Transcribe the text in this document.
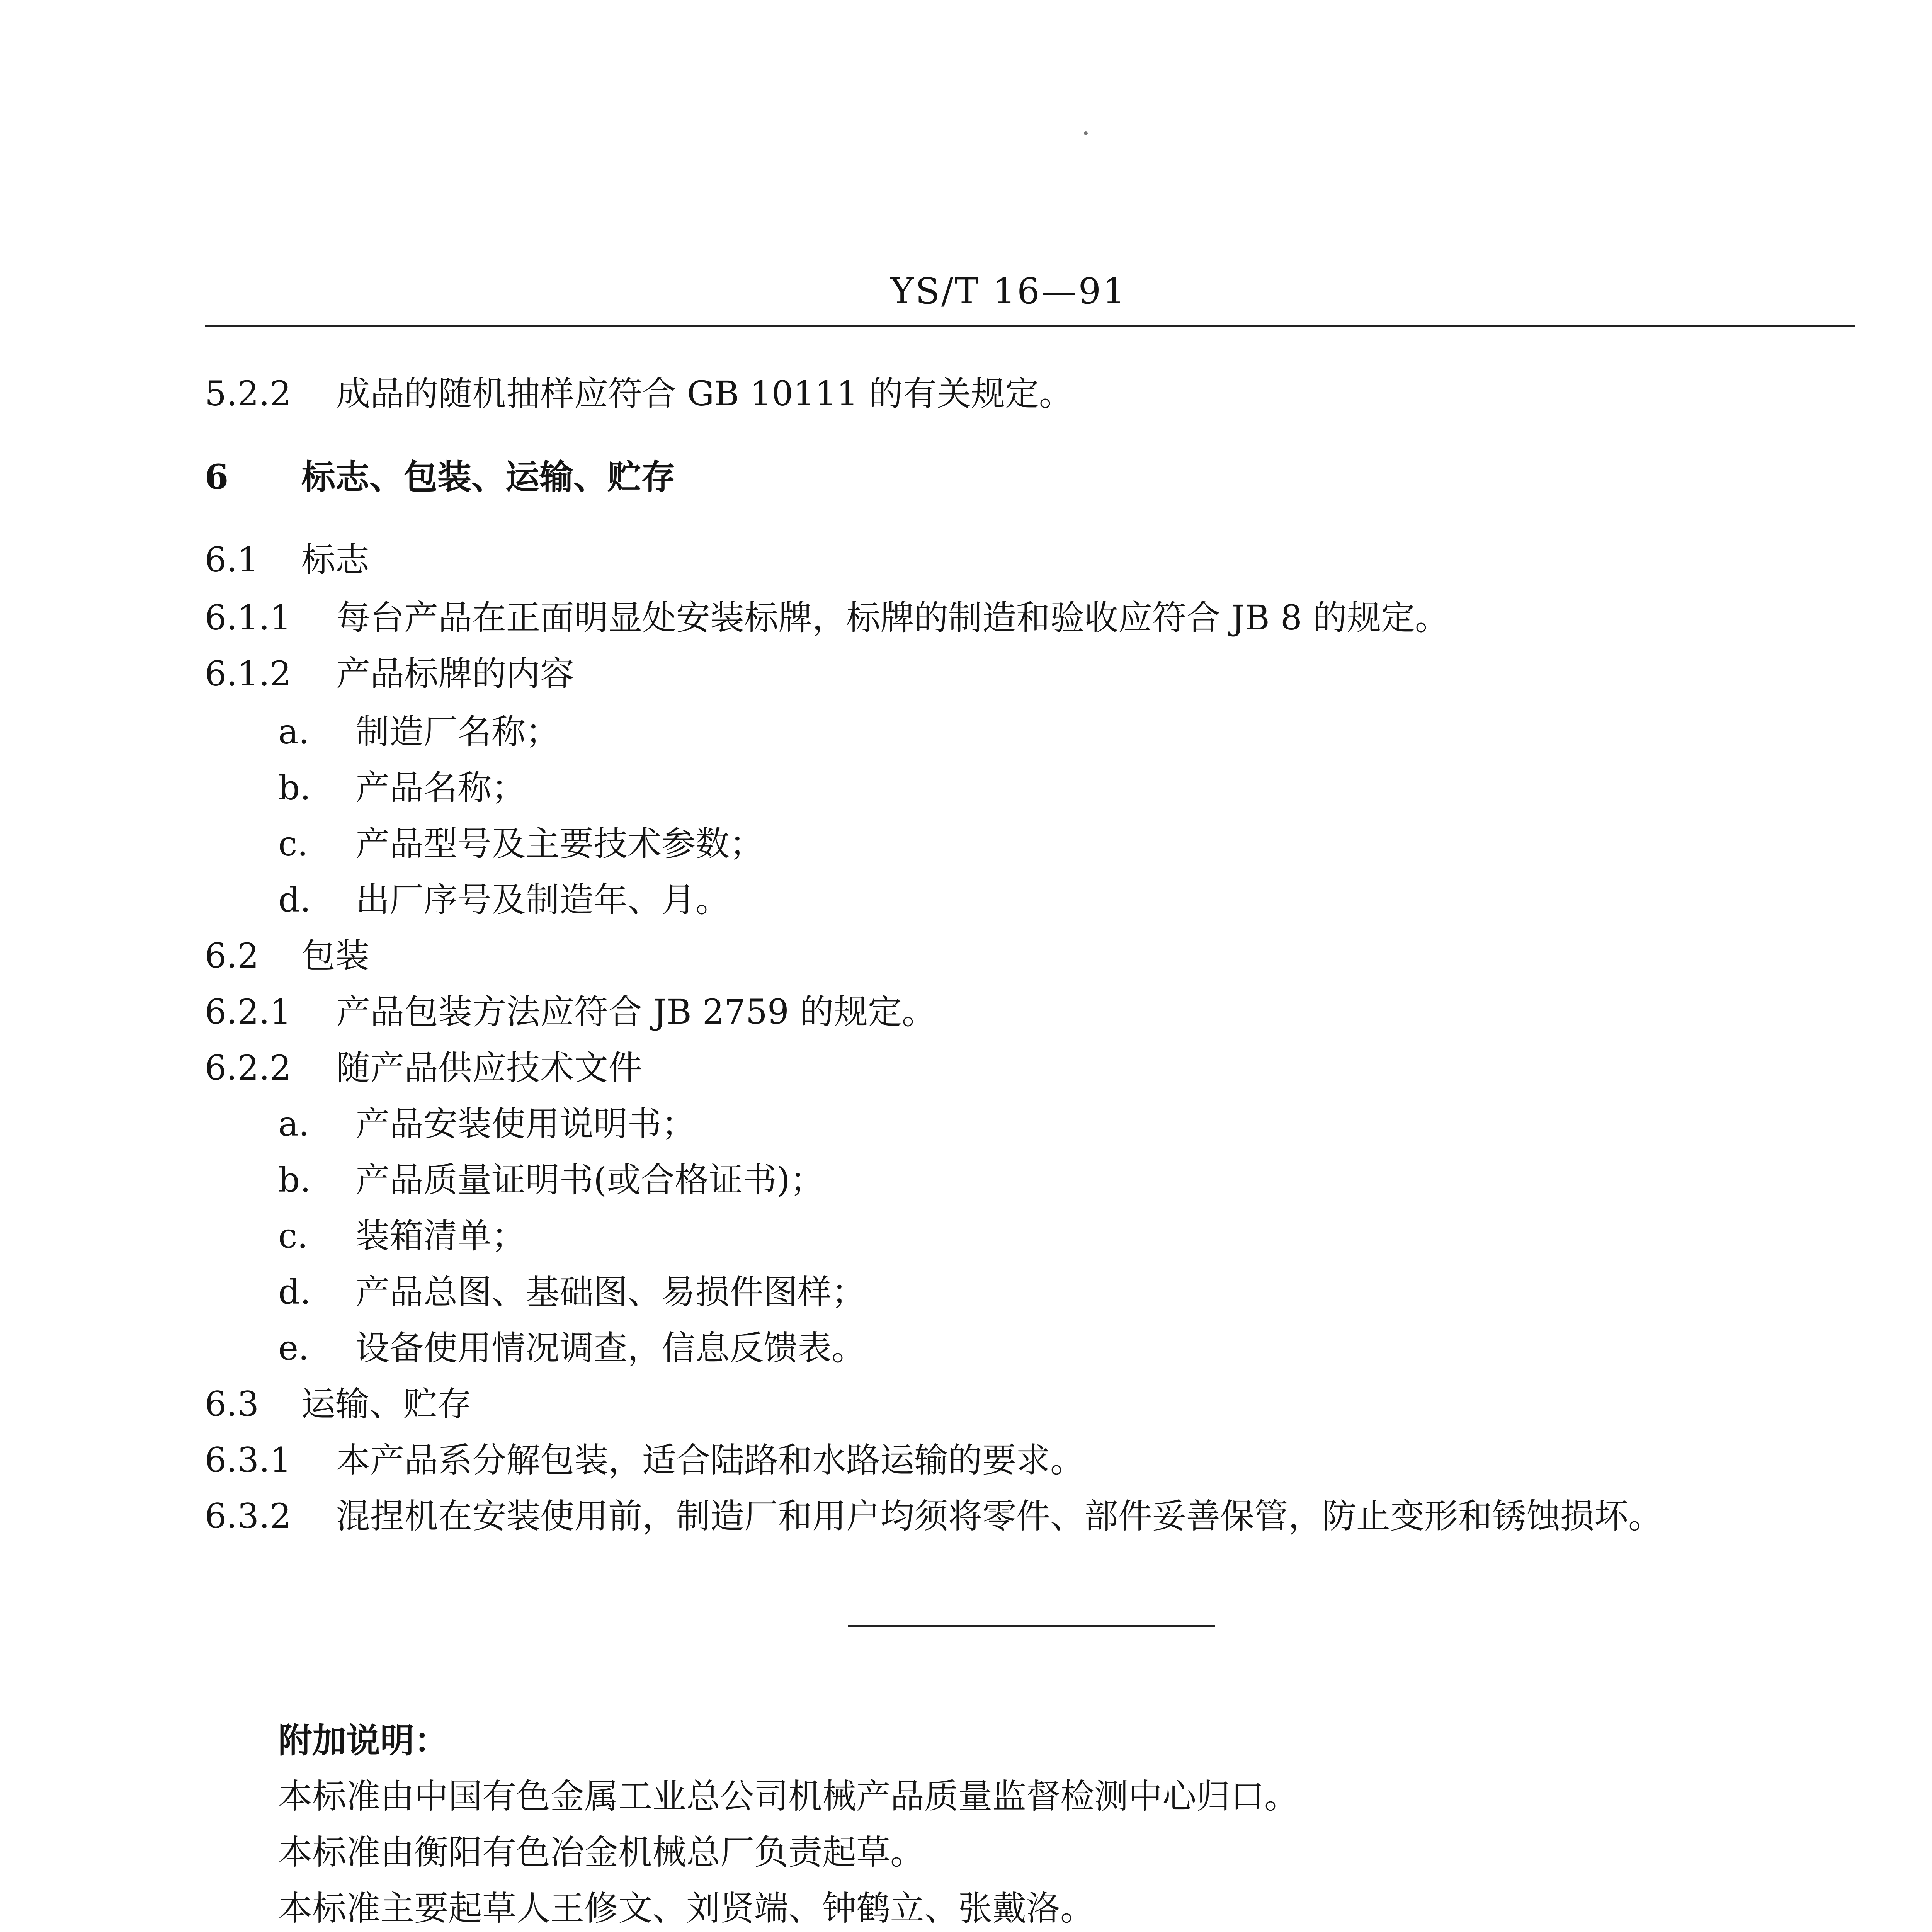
YS/T 16—91
5.2.2 成品的随机抽样应符合 GB 10111 的有关规定。
6 标志、包装、运输、贮存
6.1 标志
6.1.1 每台产品在正面明显处安装标牌，标牌的制造和验收应符合 JB 8 的规定。
6.1.2 产品标牌的内容
a. 制造厂名称；
b. 产品名称；
c. 产品型号及主要技术参数；
d. 出厂序号及制造年、月。
6.2 包装
6.2.1 产品包装方法应符合 JB 2759 的规定。
6.2.2 随产品供应技术文件
a. 产品安装使用说明书；
b. 产品质量证明书(或合格证书)；
c. 装箱清单；
d. 产品总图、基础图、易损件图样；
e. 设备使用情况调查，信息反馈表。
6.3 运输、贮存
6.3.1 本产品系分解包装，适合陆路和水路运输的要求。
6.3.2 混捏机在安装使用前，制造厂和用户均须将零件、部件妥善保管，防止变形和锈蚀损坏。
附加说明：
本标准由中国有色金属工业总公司机械产品质量监督检测中心归口。
本标准由衡阳有色冶金机械总厂负责起草。
本标准主要起草人王修文、刘贤端、钟鹤立、张戴洛。
